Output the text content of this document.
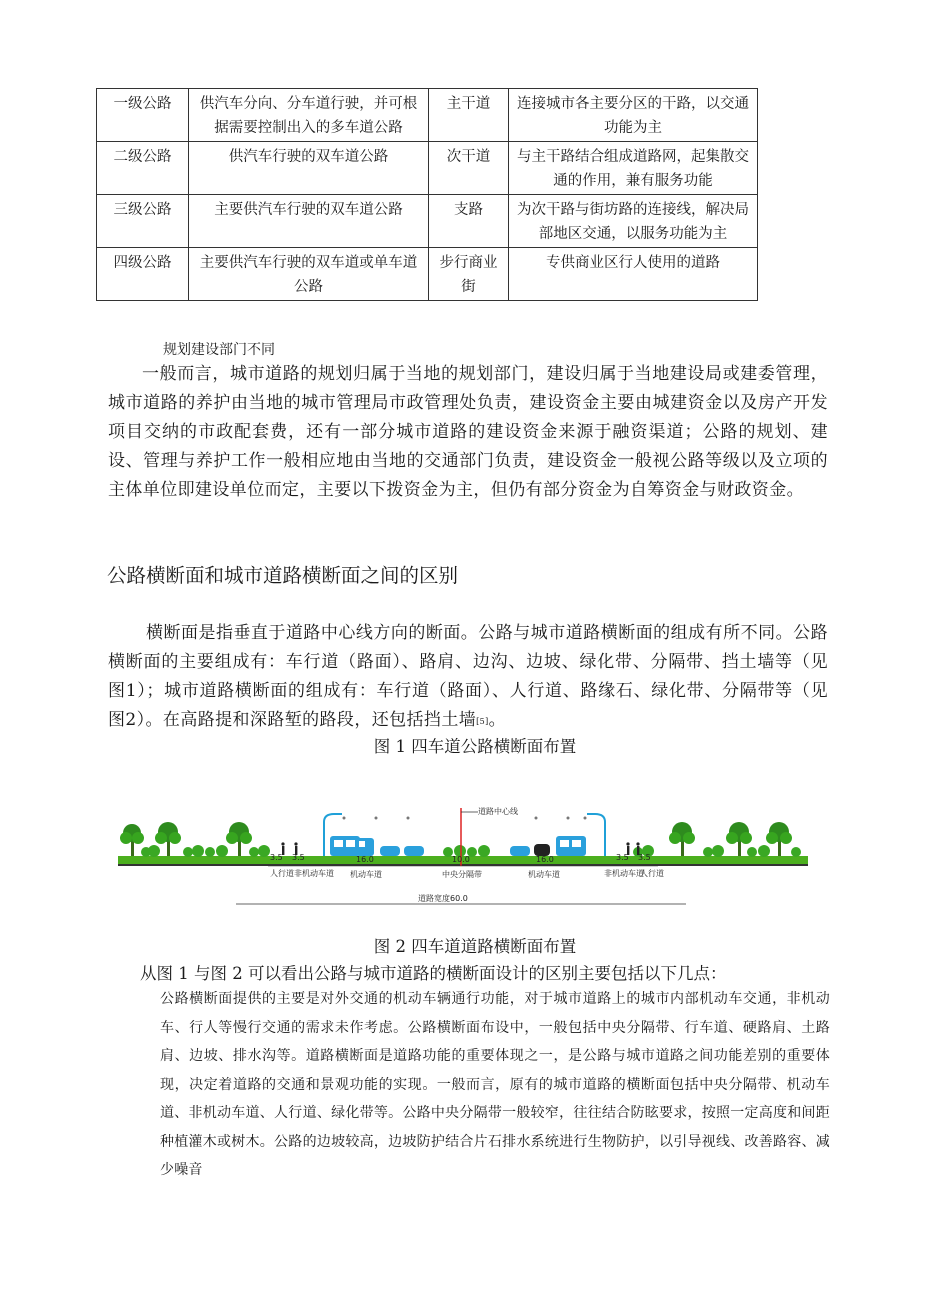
一级公路	供汽车分向、分车道行驶，并可根据需要控制出入的多车道公路	主干道	连接城市各主要分区的干路，以交通功能为主
二级公路	供汽车行驶的双车道公路	次干道	与主干路结合组成道路网，起集散交通的作用，兼有服务功能
三级公路	主要供汽车行驶的双车道公路	支路	为次干路与街坊路的连接线，解决局部地区交通，以服务功能为主
四级公路	主要供汽车行驶的双车道或单车道公路	步行商业街	专供商业区行人使用的道路
规划建设部门不同
一般而言，城市道路的规划归属于当地的规划部门，建设归属于当地建设局或建委管理，城市道路的养护由当地的城市管理局市政管理处负责，建设资金主要由城建资金以及房产开发项目交纳的市政配套费，还有一部分城市道路的建设资金来源于融资渠道；公路的规划、建设、管理与养护工作一般相应地由当地的交通部门负责，建设资金一般视公路等级以及立项的主体单位即建设单位而定，主要以下拨资金为主，但仍有部分资金为自筹资金与财政资金。
公路横断面和城市道路横断面之间的区别
横断面是指垂直于道路中心线方向的断面。公路与城市道路横断面的组成有所不同。公路横断面的主要组成有：车行道（路面）、路肩、边沟、边坡、绿化带、分隔带、挡土墙等（见图1）；城市道路横断面的组成有：车行道（路面）、人行道、路缘石、绿化带、分隔带等（见图2）。在高路提和深路堑的路段，还包括挡土墙[5]。
图 1 四车道公路横断面布置
道路中心线
3.5 3.5	16.0	10.0	16.0	3.5 3.5
人行道 非机动车道 机动车道	中央分隔带	机动车道	非机动车道
人行道
道路宽度60.0
图 2 四车道道路横断面布置
从图 1 与图 2 可以看出公路与城市道路的横断面设计的区别主要包括以下几点：
公路横断面提供的主要是对外交通的机动车辆通行功能，对于城市道路上的城市内部机动车交通，非机动车、行人等慢行交通的需求未作考虑。公路横断面布设中，一般包括中央分隔带、行车道、硬路肩、土路肩、边坡、排水沟等。道路横断面是道路功能的重要体现之一，是公路与城市道路之间功能差别的重要体现，决定着道路的交通和景观功能的实现。一般而言，原有的城市道路的横断面包括中央分隔带、机动车道、非机动车道、人行道、绿化带等。公路中央分隔带一般较窄，往往结合防眩要求，按照一定高度和间距种植灌木或树木。公路的边坡较高，边坡防护结合片石排水系统进行生物防护，以引导视线、改善路容、减少噪音
